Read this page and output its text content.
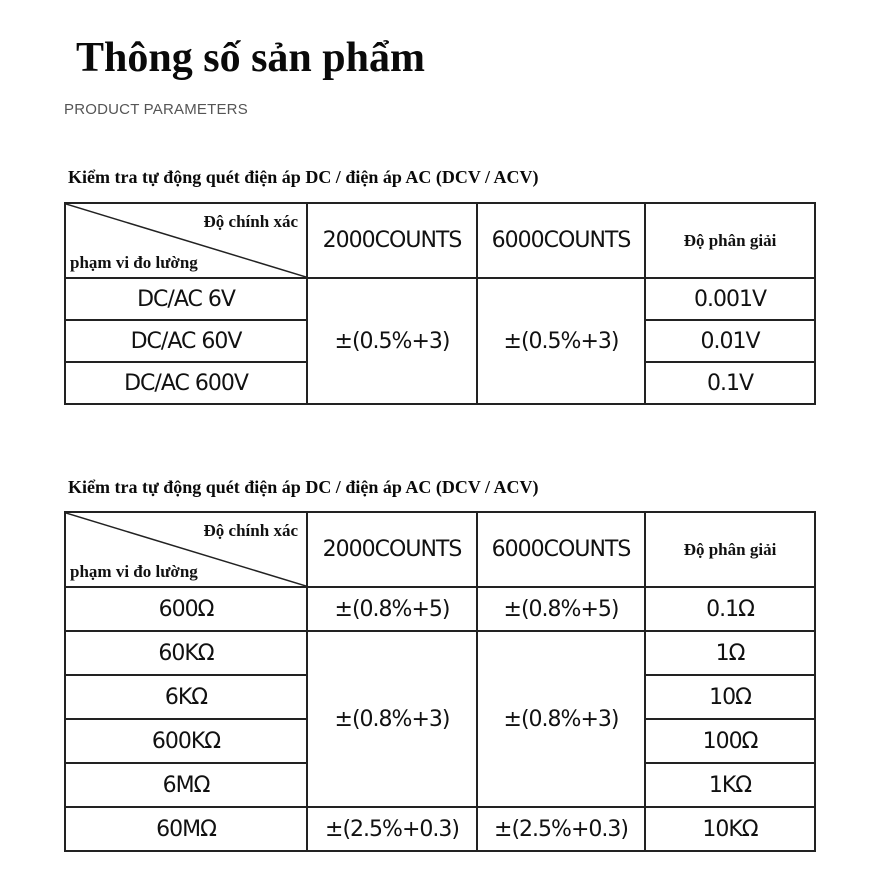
Thông số sản phẩm
PRODUCT PARAMETERS
Kiểm tra tự động quét điện áp DC / điện áp AC (DCV / ACV)
Độ chính xác
phạm vi đo lường	2000COUNTS	6000COUNTS	Độ phân giải
DC/AC 6V	±(0.5%+3)	±(0.5%+3)	0.001V
DC/AC 60V			0.01V
DC/AC 600V			0.1V
Kiểm tra tự động quét điện áp DC / điện áp AC (DCV / ACV)
Độ chính xác
phạm vi đo lường	2000COUNTS	6000COUNTS	Độ phân giải
600Ω	±(0.8%+5)	±(0.8%+5)	0.1Ω
60KΩ	±(0.8%+3)	±(0.8%+3)	1Ω
6KΩ			10Ω
600KΩ			100Ω
6MΩ			1KΩ
60MΩ	±(2.5%+0.3)	±(2.5%+0.3)	10KΩ
